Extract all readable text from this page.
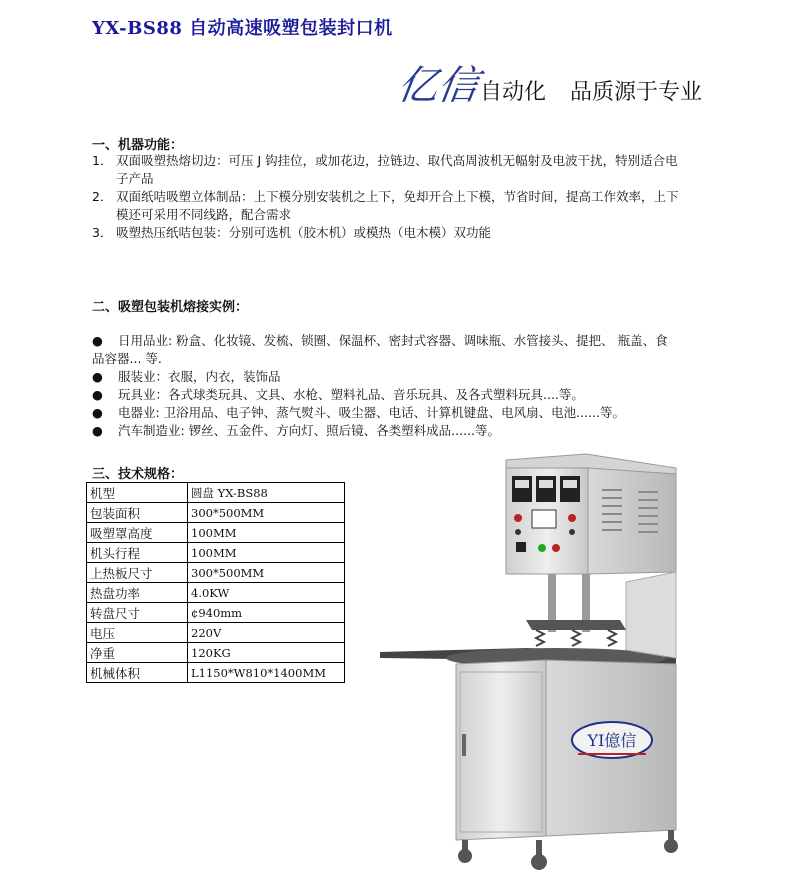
YX-BS88 自动高速吸塑包装封口机
亿信
自动化 品质源于专业
一、机器功能：
1． 双面吸塑热熔切边：可压 J 钩挂位，或加花边，拉链边、取代高周波机无幅射及电波干扰，特别适合电
子产品
2． 双面纸咭吸塑立体制品：上下模分别安装机之上下，免却开合上下模，节省时间，提高工作效率，上下
模还可采用不同线路，配合需求
3． 吸塑热压纸咭包装：分别可选机（胶木机）或模热（电木模）双功能
二、吸塑包装机熔接实例：
● 日用品业: 粉盒、化妆镜、发梳、锁圈、保温杯、密封式容器、调味瓶、水管接头、提把、 瓶盖、食
品容器... 等.
● 服装业：衣服，内衣，装饰品
● 玩具业：各式球类玩具、文具、水枪、塑料礼品、音乐玩具、及各式塑料玩具....等。
● 电器业: 卫浴用品、电子钟、蒸气熨斗、吸尘器、电话、计算机键盘、电风扇、电池......等。
● 汽车制造业: 锣丝、五金件、方向灯、照后镜、各类塑料成品......等。
三、技术规格：
机型	圆盘 YX-BS88
包装面积	300*500MM
吸塑罩高度	100MM
机头行程	100MM
上热板尺寸	300*500MM
热盘功率	4.0KW
转盘尺寸	¢940mm
电压	220V
净重	120KG
机械体积	L1150*W810*1400MM
YI億信
